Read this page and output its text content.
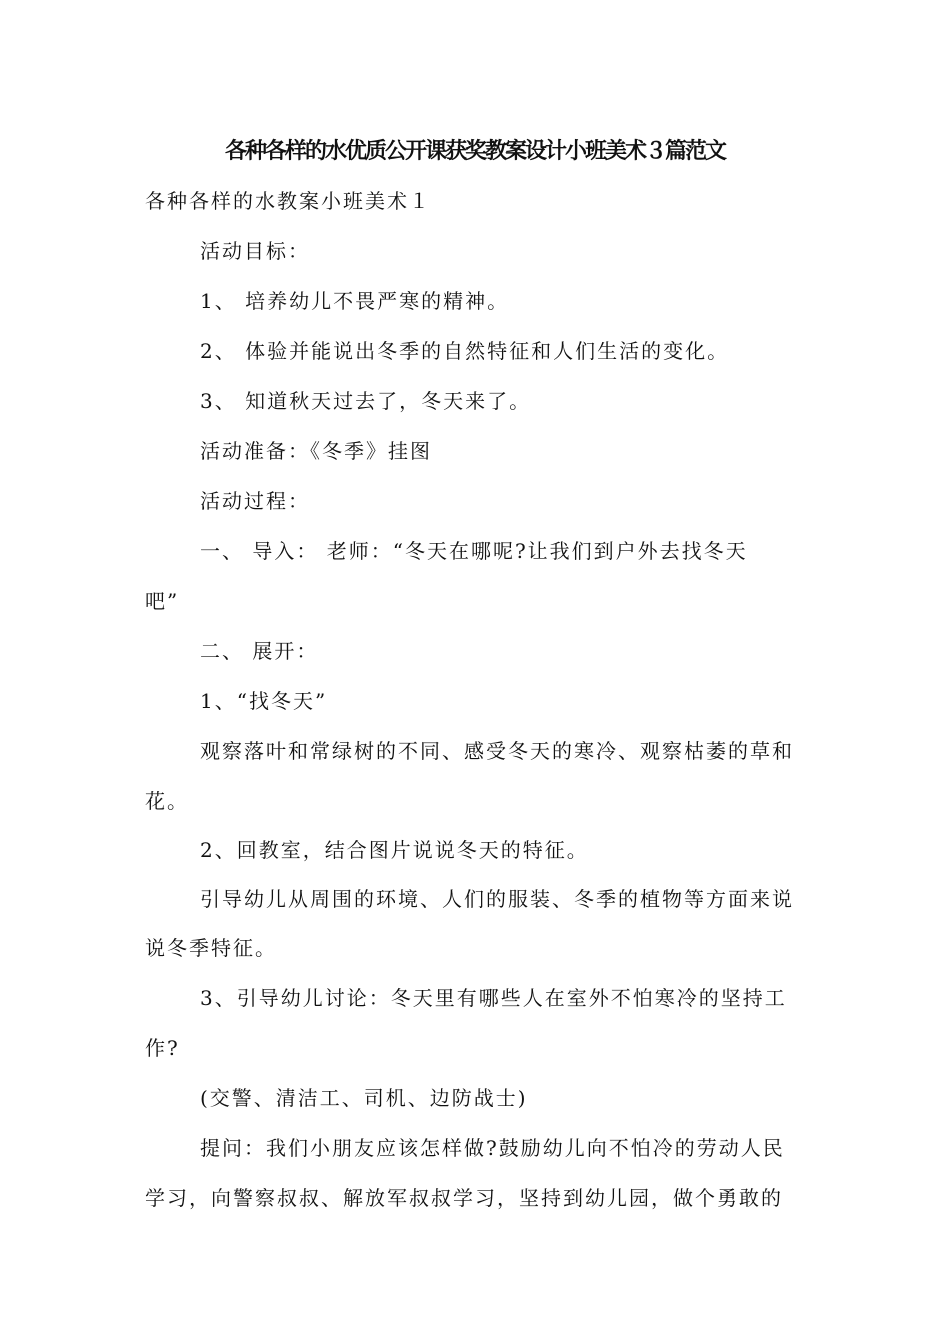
各种各样的水优质公开课获奖教案设计小班美术３篇范文
各种各样的水教案小班美术１
活动目标：
1、 培养幼儿不畏严寒的精神。
2、 体验并能说出冬季的自然特征和人们生活的变化。
3、 知道秋天过去了，冬天来了。
活动准备：《冬季》挂图
活动过程：
一、 导入： 老师：“冬天在哪呢?让我们到户外去找冬天
吧”
二、 展开：
1、“找冬天”
观察落叶和常绿树的不同、感受冬天的寒冷、观察枯萎的草和
花。
2、回教室，结合图片说说冬天的特征。
引导幼儿从周围的环境、人们的服装、冬季的植物等方面来说
说冬季特征。
3、引导幼儿讨论：冬天里有哪些人在室外不怕寒冷的坚持工
作?
(交警、清洁工、司机、边防战士)
提问：我们小朋友应该怎样做?鼓励幼儿向不怕冷的劳动人民
学习，向警察叔叔、解放军叔叔学习，坚持到幼儿园，做个勇敢的
